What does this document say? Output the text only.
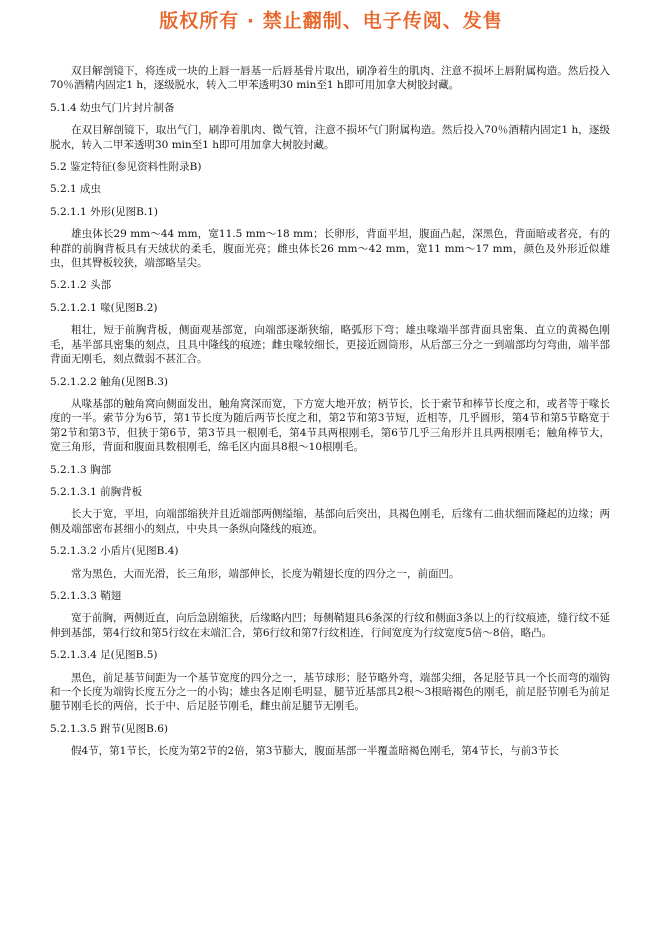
版权所有 · 禁止翻制、电子传阅、发售

双目解剖镜下，将连成一块的上唇一唇基一后唇基骨片取出，刷净着生的肌肉、注意不损坏上唇附属构造。然后投入70％酒精内固定1 h，逐级脱水，转入二甲苯透明30 min至1 h即可用加拿大树胶封藏。

5.1.4 幼虫气门片封片制备

在双目解剖镜下，取出气门，刷净着肌肉、微气管，注意不损坏气门附属构造。然后投入70％酒精内固定1 h，逐级脱水，转入二甲苯透明30 min至1 h即可用加拿大树胶封藏。

5.2 鉴定特征(参见资料性附录B)

5.2.1 成虫

5.2.1.1 外形(见图B.1)

雄虫体长29 mm～44 mm，宽11.5 mm～18 mm；长卵形，背面平坦，腹面凸起，深黑色，背面暗或者亮，有的种群的前胸背板具有天绒状的柔毛，腹面光亮；雌虫体长26 mm～42 mm，宽11 mm～17 mm，颜色及外形近似雄虫，但其臀板较狭，端部略呈尖。

5.2.1.2 头部

5.2.1.2.1 喙(见图B.2)

粗壮，短于前胸背板，侧面观基部宽，向端部逐渐狭缩，略弧形下弯；雄虫喙端半部背面具密集、直立的黄褐色刚毛，基半部具密集的刻点，且具中隆线的痕迹；雌虫喙较细长，更接近圆筒形，从后部三分之一到端部均匀弯曲，端半部背面无刚毛，刻点微弱不甚汇合。

5.2.1.2.2 触角(见图B.3)

从喙基部的触角窝向侧面发出，触角窝深而宽，下方宽大地开放；柄节长，长于索节和棒节长度之和，或者等于喙长度的一半。索节分为6节，第1节长度为随后两节长度之和，第2节和第3节短，近相等，几乎圆形，第4节和第5节略宽于第2节和第3节，但狭于第6节，第3节具一根刚毛，第4节具两根刚毛，第6节几乎三角形并且具两根刚毛；触角棒节大，宽三角形，背面和腹面具数根刚毛，绵毛区内面具8根～10根刚毛。

5.2.1.3 胸部

5.2.1.3.1 前胸背板

长大于宽，平坦，向端部缩狭并且近端部两侧缢缩，基部向后突出，具褐色刚毛，后缘有二曲状细而隆起的边缘；两侧及端部密布甚细小的刻点，中央具一条纵向隆线的痕迹。

5.2.1.3.2 小盾片(见图B.4)

常为黑色，大而光滑，长三角形，端部伸长，长度为鞘翅长度的四分之一，前面凹。

5.2.1.3.3 鞘翅

宽于前胸，两侧近直，向后急剧缩狭，后缘略内凹；每侧鞘翅具6条深的行纹和侧面3条以上的行纹痕迹，缝行纹不延伸到基部，第4行纹和第5行纹在末端汇合，第6行纹和第7行纹相连，行间宽度为行纹宽度5倍～8倍，略凸。

5.2.1.3.4 足(见图B.5)

黑色，前足基节间距为一个基节宽度的四分之一，基节球形；胫节略外弯，端部尖细，各足胫节具一个长而弯的端钩和一个长度为端钩长度五分之一的小钩；雄虫各足刚毛明显，腿节近基部具2根～3根暗褐色的刚毛，前足胫节刚毛为前足腿节刚毛长的两倍，长于中、后足胫节刚毛，雌虫前足腿节无刚毛。

5.2.1.3.5 跗节(见图B.6)

假4节，第1节长，长度为第2节的2倍，第3节膨大，腹面基部一半覆盖暗褐色刚毛，第4节长，与前3节长
